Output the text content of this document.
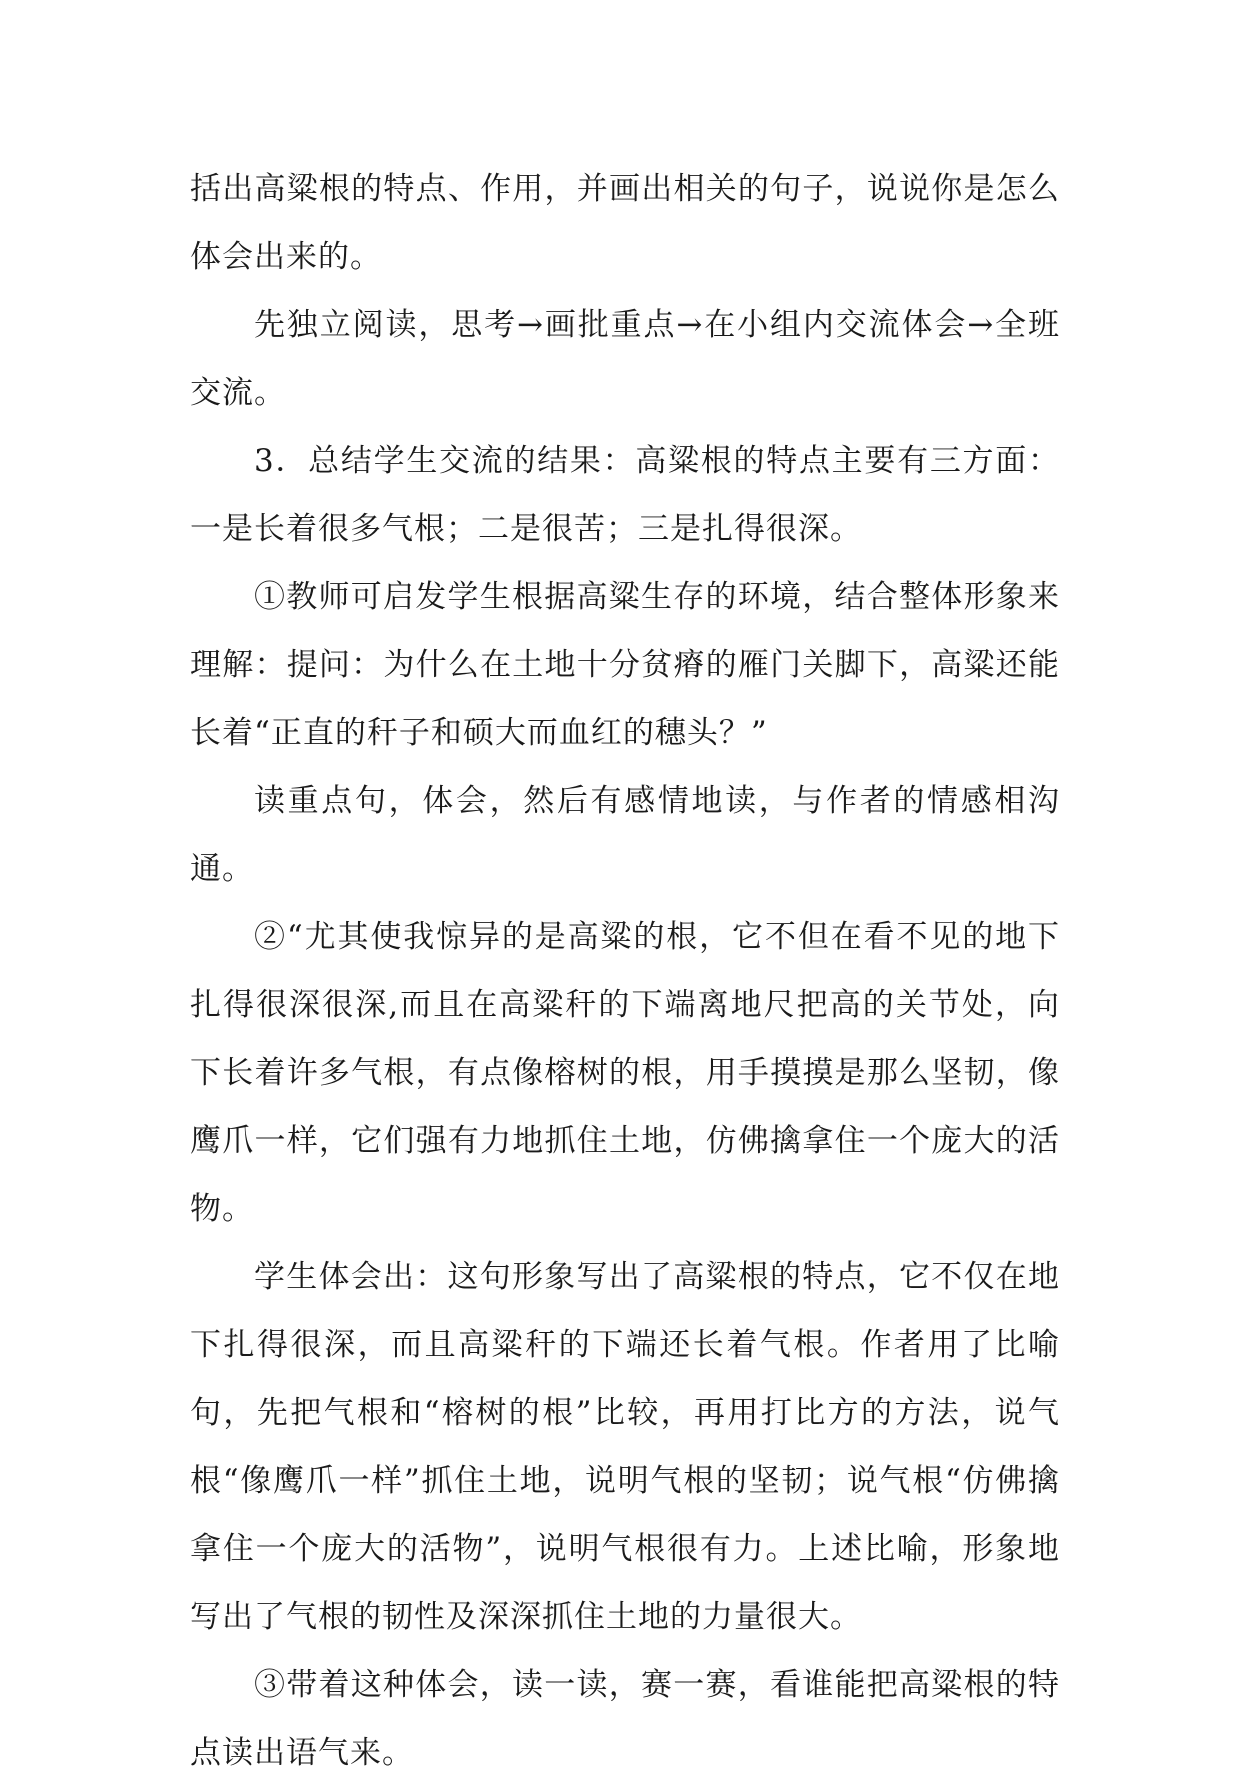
括出高粱根的特点、作用，并画出相关的句子，说说你是怎么体会出来的。

先独立阅读，思考→画批重点→在小组内交流体会→全班交流。

3．总结学生交流的结果：高粱根的特点主要有三方面：一是长着很多气根；二是很苦；三是扎得很深。

①教师可启发学生根据高粱生存的环境，结合整体形象来理解：提问：为什么在土地十分贫瘠的雁门关脚下，高粱还能长着“正直的秆子和硕大而血红的穗头？”

读重点句，体会，然后有感情地读，与作者的情感相沟通。

②“尤其使我惊异的是高粱的根，它不但在看不见的地下扎得很深很深,而且在高粱秆的下端离地尺把高的关节处，向下长着许多气根，有点像榕树的根，用手摸摸是那么坚韧，像鹰爪一样，它们强有力地抓住土地，仿佛擒拿住一个庞大的活物。

学生体会出：这句形象写出了高粱根的特点，它不仅在地下扎得很深，而且高粱秆的下端还长着气根。作者用了比喻句，先把气根和“榕树的根”比较，再用打比方的方法，说气根“像鹰爪一样”抓住土地，说明气根的坚韧；说气根“仿佛擒拿住一个庞大的活物”，说明气根很有力。上述比喻，形象地写出了气根的韧性及深深抓住土地的力量很大。

③带着这种体会，读一读，赛一赛，看谁能把高粱根的特点读出语气来。
